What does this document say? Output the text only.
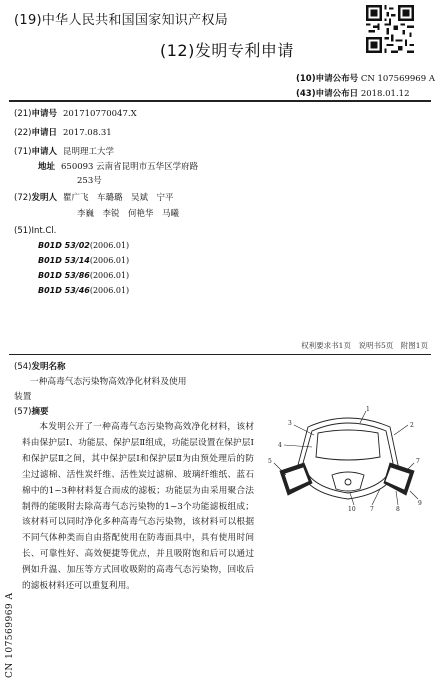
(19)中华人民共和国国家知识产权局
(12)发明专利申请
(10)申请公布号 CN 107569969 A
(43)申请公布日 2018.01.12
(21)申请号 201710770047.X
(22)申请日 2017.08.31
(71)申请人 昆明理工大学
地址 650093 云南省昆明市五华区学府路
253号
(72)发明人 瞿广飞　车璐璐　吴斌　宁平
李巍　李锐　何艳华　马曦
(51)Int.Cl.
B01D 53/02(2006.01)
B01D 53/14(2006.01)
B01D 53/86(2006.01)
B01D 53/46(2006.01)
权利要求书1页　说明书5页　附图1页
(54)发明名称
一种高毒气态污染物高效净化材料及使用
装置
(57)摘要
本发明公开了一种高毒气态污染物高效净化材料，该材料由保护层Ⅰ、功能层、保护层Ⅱ组成，功能层设置在保护层Ⅰ和保护层Ⅱ之间，其中保护层Ⅰ和保护层Ⅱ为由预处理后的防尘过滤棉、活性炭纤维、活性炭过滤棉、玻璃纤维纸、蓝石棉中的1~3种材料复合而成的滤板；功能层为由采用聚合法制得的能吸附去除高毒气态污染物的1~3个功能滤板组成；该材料可以同时净化多种高毒气态污染物，该材料可以根据不同气体种类而自由搭配使用在防毒面具中，具有使用时间长、可靠性好、高效便捷等优点，并且吸附饱和后可以通过例如升温、加压等方式回收吸附的高毒气态污染物，回收后的滤板材料还可以重复利用。
3
1
2
4
5	7
10 7	8
9
CN 107569969 A
